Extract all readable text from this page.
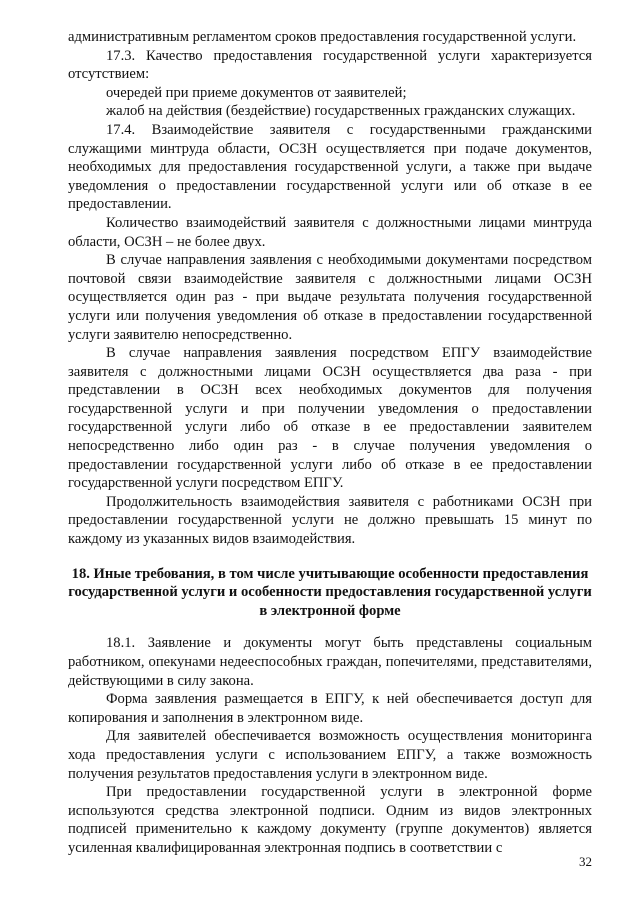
административным регламентом сроков предоставления государственной услуги.

17.3. Качество предоставления государственной услуги характеризуется отсутствием:

очередей при приеме документов от заявителей;

жалоб на действия (бездействие) государственных гражданских служащих.

17.4. Взаимодействие заявителя с государственными гражданскими служащими минтруда области, ОСЗН осуществляется при подаче документов, необходимых для предоставления государственной услуги, а также при выдаче уведомления о предоставлении государственной услуги или об отказе в ее предоставлении.

Количество взаимодействий заявителя с должностными лицами минтруда области, ОСЗН – не более двух.

В случае направления заявления с необходимыми документами посредством почтовой связи взаимодействие заявителя с должностными лицами ОСЗН осуществляется один раз - при выдаче результата получения государственной услуги или получения уведомления об отказе в предоставлении государственной услуги заявителю непосредственно.

В случае направления заявления посредством ЕПГУ взаимодействие заявителя с должностными лицами ОСЗН осуществляется два раза - при представлении в ОСЗН всех необходимых документов для получения государственной услуги и при получении уведомления о предоставлении государственной услуги либо об отказе в ее предоставлении заявителем непосредственно либо один раз - в случае получения уведомления о предоставлении государственной услуги либо об отказе в ее предоставлении государственной услуги посредством ЕПГУ.

Продолжительность взаимодействия заявителя с работниками ОСЗН при предоставлении государственной услуги не должно превышать 15 минут по каждому из указанных видов взаимодействия.

18. Иные требования, в том числе учитывающие особенности предоставления государственной услуги и особенности предоставления государственной услуги в электронной форме

18.1. Заявление и документы могут быть представлены социальным работником, опекунами недееспособных граждан, попечителями, представителями, действующими в силу закона.

Форма заявления размещается в ЕПГУ, к ней обеспечивается доступ для копирования и заполнения в электронном виде.

Для заявителей обеспечивается возможность осуществления мониторинга хода предоставления услуги с использованием ЕПГУ, а также возможность получения результатов предоставления услуги в электронном виде.

При предоставлении государственной услуги в электронной форме используются средства электронной подписи. Одним из видов электронных подписей применительно к каждому документу (группе документов) является усиленная квалифицированная электронная подпись в соответствии с

32
